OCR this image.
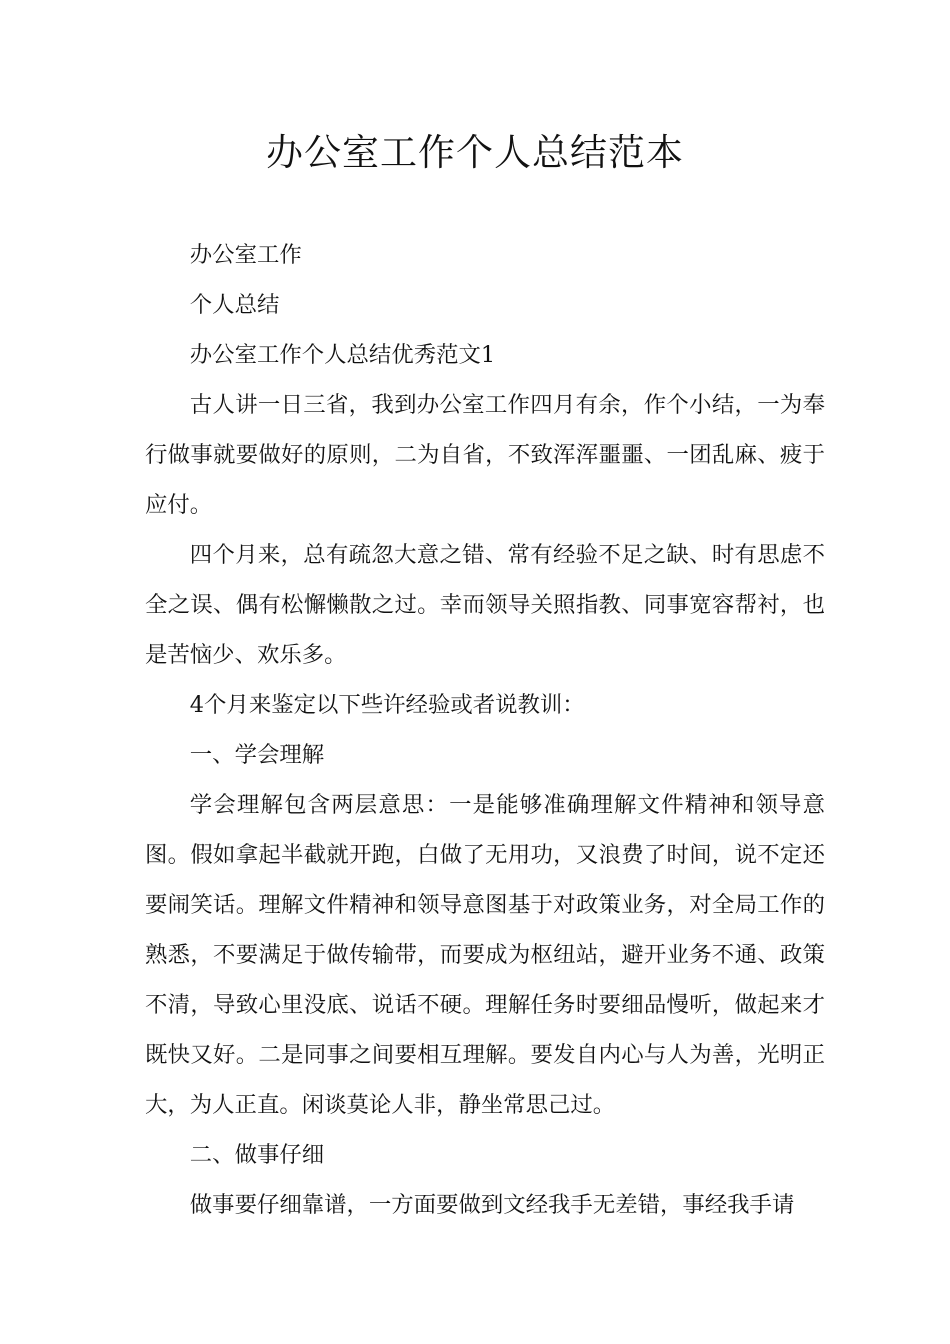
办公室工作个人总结范本

办公室工作

个人总结

办公室工作个人总结优秀范文1

古人讲一日三省，我到办公室工作四月有余，作个小结，一为奉行做事就要做好的原则，二为自省，不致浑浑噩噩、一团乱麻、疲于应付。

四个月来，总有疏忽大意之错、常有经验不足之缺、时有思虑不全之误、偶有松懈懒散之过。幸而领导关照指教、同事宽容帮衬，也是苦恼少、欢乐多。

4个月来鉴定以下些许经验或者说教训：

一、学会理解

学会理解包含两层意思：一是能够准确理解文件精神和领导意图。假如拿起半截就开跑，白做了无用功，又浪费了时间，说不定还要闹笑话。理解文件精神和领导意图基于对政策业务，对全局工作的熟悉，不要满足于做传输带，而要成为枢纽站，避开业务不通、政策不清，导致心里没底、说话不硬。理解任务时要细品慢听，做起来才既快又好。二是同事之间要相互理解。要发自内心与人为善，光明正大，为人正直。闲谈莫论人非，静坐常思己过。

二、做事仔细

做事要仔细靠谱，一方面要做到文经我手无差错，事经我手请
